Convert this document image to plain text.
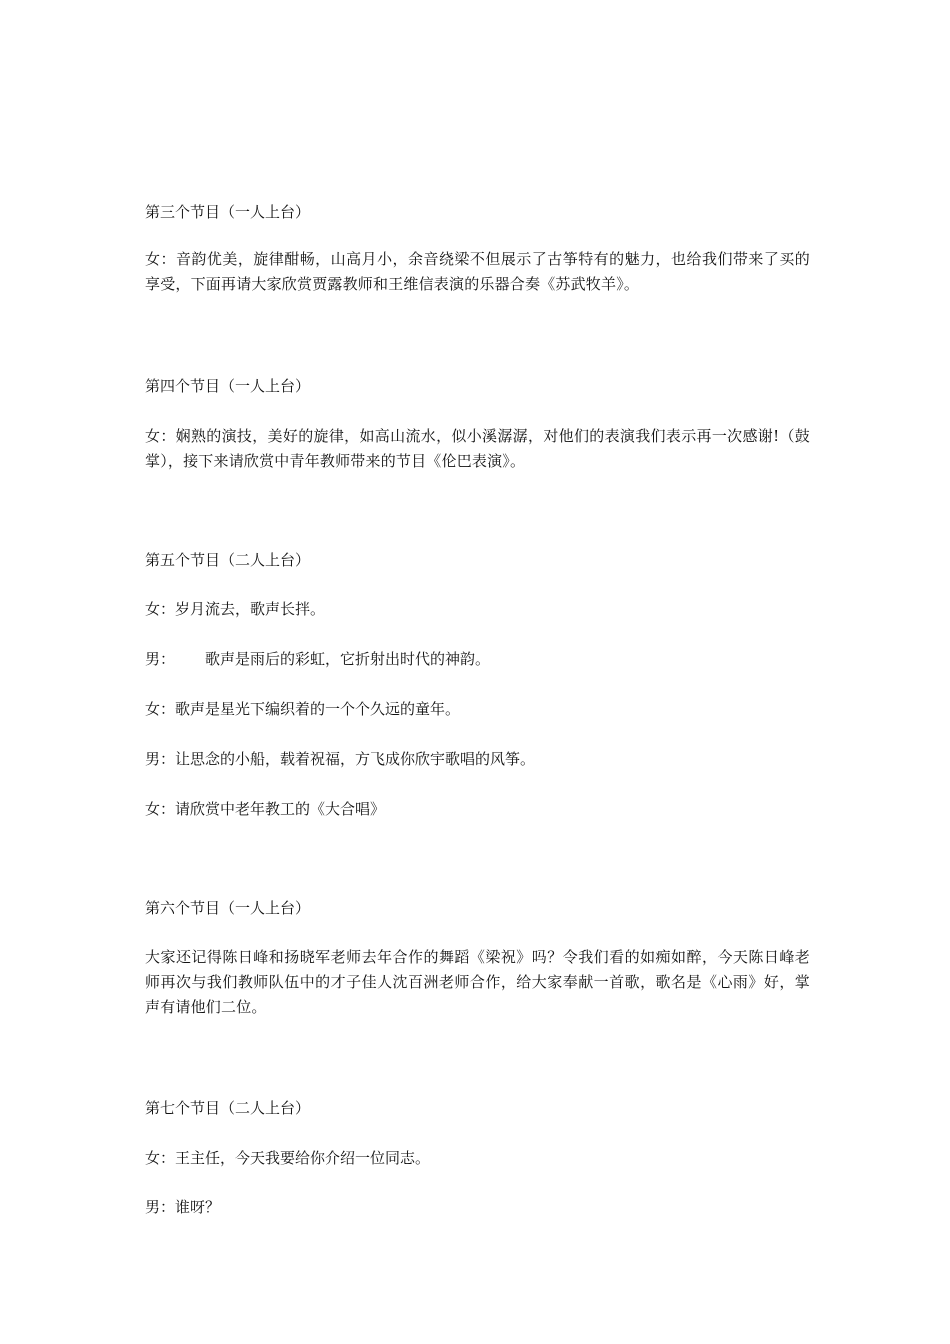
第三个节目（一人上台）

女：音韵优美，旋律酣畅，山高月小，余音绕梁不但展示了古筝特有的魅力，也给我们带来了买的享受，下面再请大家欣赏贾露教师和王维信表演的乐器合奏《苏武牧羊》。

第四个节目（一人上台）

女：娴熟的演技，美好的旋律，如高山流水，似小溪潺潺，对他们的表演我们表示再一次感谢!（鼓掌），接下来请欣赏中青年教师带来的节目《伦巴表演》。

第五个节目（二人上台）

女：岁月流去，歌声长拌。

男： 歌声是雨后的彩虹，它折射出时代的神韵。

女：歌声是星光下编织着的一个个久远的童年。

男：让思念的小船，载着祝福，方飞成你欣宇歌唱的风筝。

女：请欣赏中老年教工的《大合唱》

第六个节目（一人上台）

大家还记得陈日峰和扬晓军老师去年合作的舞蹈《梁祝》吗？令我们看的如痴如醉，今天陈日峰老师再次与我们教师队伍中的才子佳人沈百洲老师合作，给大家奉献一首歌，歌名是《心雨》好，掌声有请他们二位。

第七个节目（二人上台）

女：王主任，今天我要给你介绍一位同志。

男：谁呀？
